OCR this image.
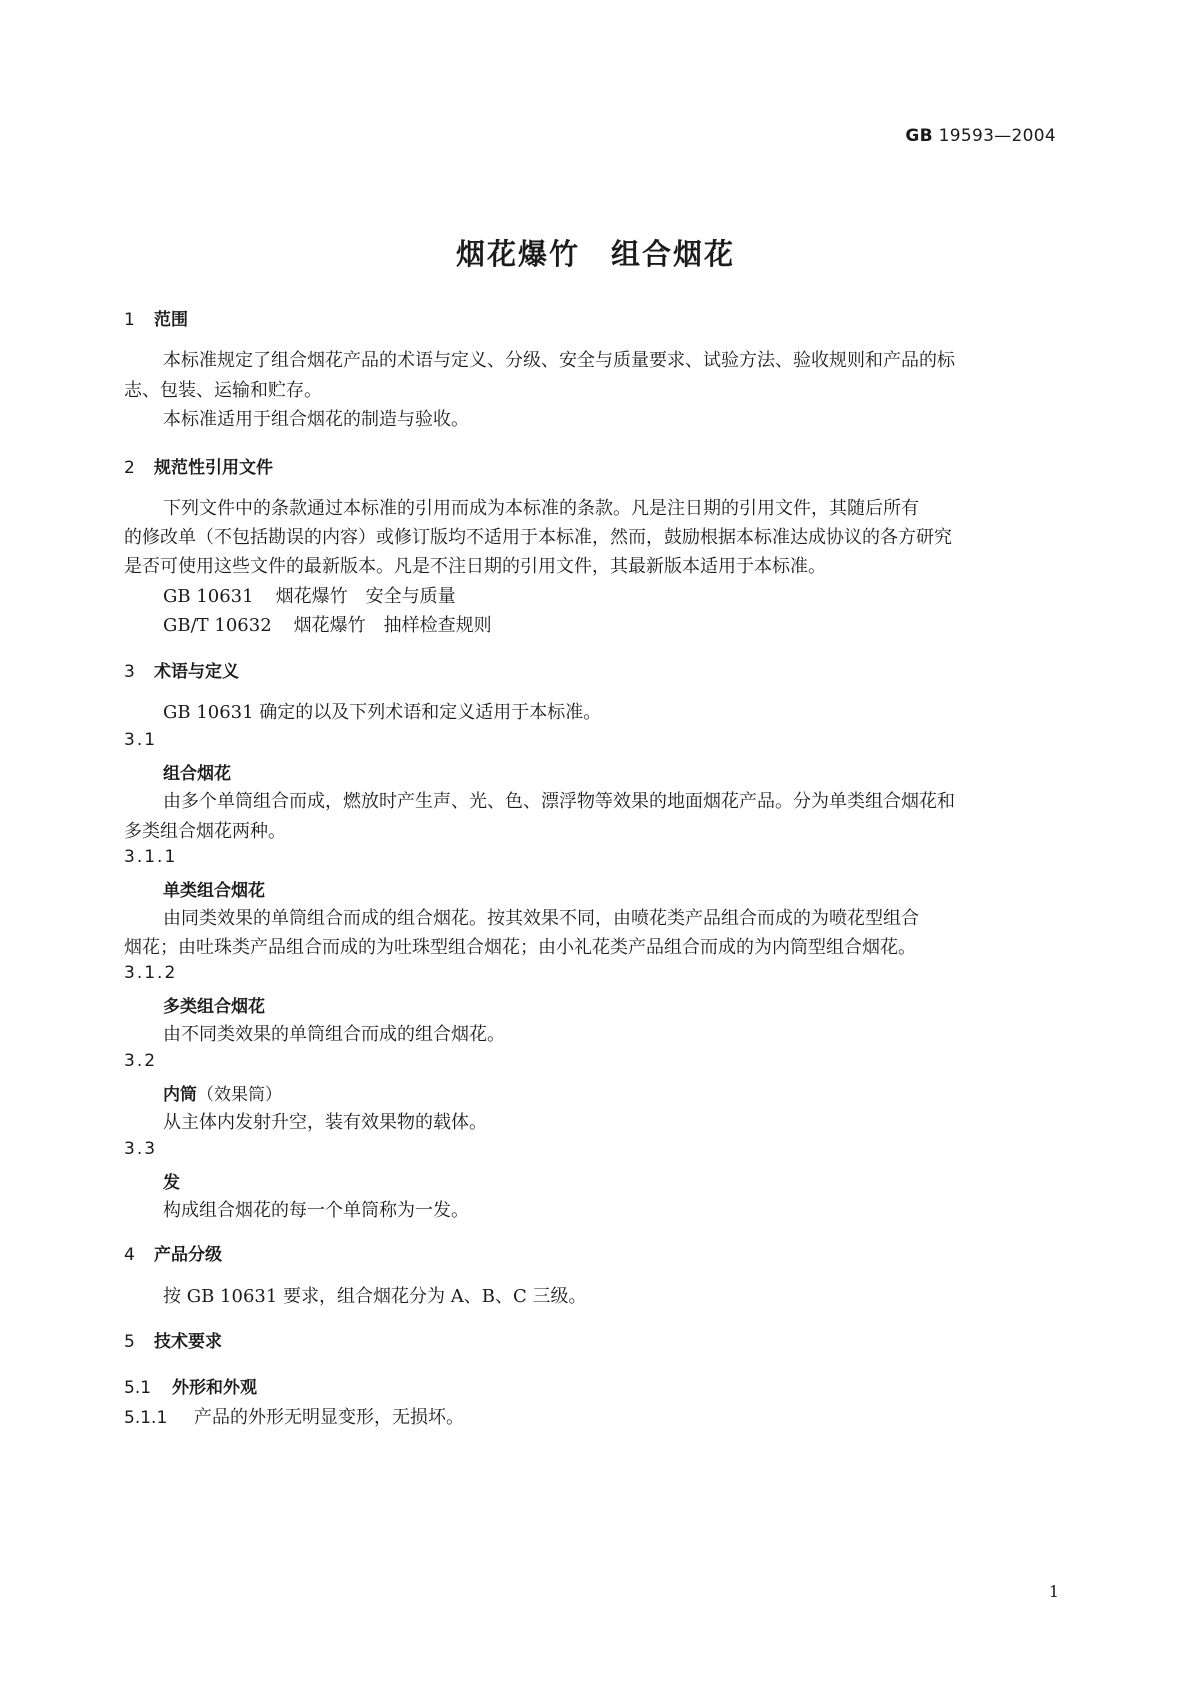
GB 19593—2004
烟花爆竹　组合烟花
1 范围
本标准规定了组合烟花产品的术语与定义、分级、安全与质量要求、试验方法、验收规则和产品的标
志、包装、运输和贮存。
本标准适用于组合烟花的制造与验收。
2 规范性引用文件
下列文件中的条款通过本标准的引用而成为本标准的条款。凡是注日期的引用文件，其随后所有
的修改单（不包括勘误的内容）或修订版均不适用于本标准，然而，鼓励根据本标准达成协议的各方研究
是否可使用这些文件的最新版本。凡是不注日期的引用文件，其最新版本适用于本标准。
GB 10631 烟花爆竹　安全与质量
GB/T 10632 烟花爆竹　抽样检查规则
3 术语与定义
GB 10631 确定的以及下列术语和定义适用于本标准。
3.1
组合烟花
由多个单筒组合而成，燃放时产生声、光、色、漂浮物等效果的地面烟花产品。分为单类组合烟花和
多类组合烟花两种。
3.1.1
单类组合烟花
由同类效果的单筒组合而成的组合烟花。按其效果不同，由喷花类产品组合而成的为喷花型组合
烟花；由吐珠类产品组合而成的为吐珠型组合烟花；由小礼花类产品组合而成的为内筒型组合烟花。
3.1.2
多类组合烟花
由不同类效果的单筒组合而成的组合烟花。
3.2
内筒（效果筒）
从主体内发射升空，装有效果物的载体。
3.3
发
构成组合烟花的每一个单筒称为一发。
4 产品分级
按 GB 10631 要求，组合烟花分为 A、B、C 三级。
5 技术要求
5.1 外形和外观
5.1.1 产品的外形无明显变形，无损坏。
1
